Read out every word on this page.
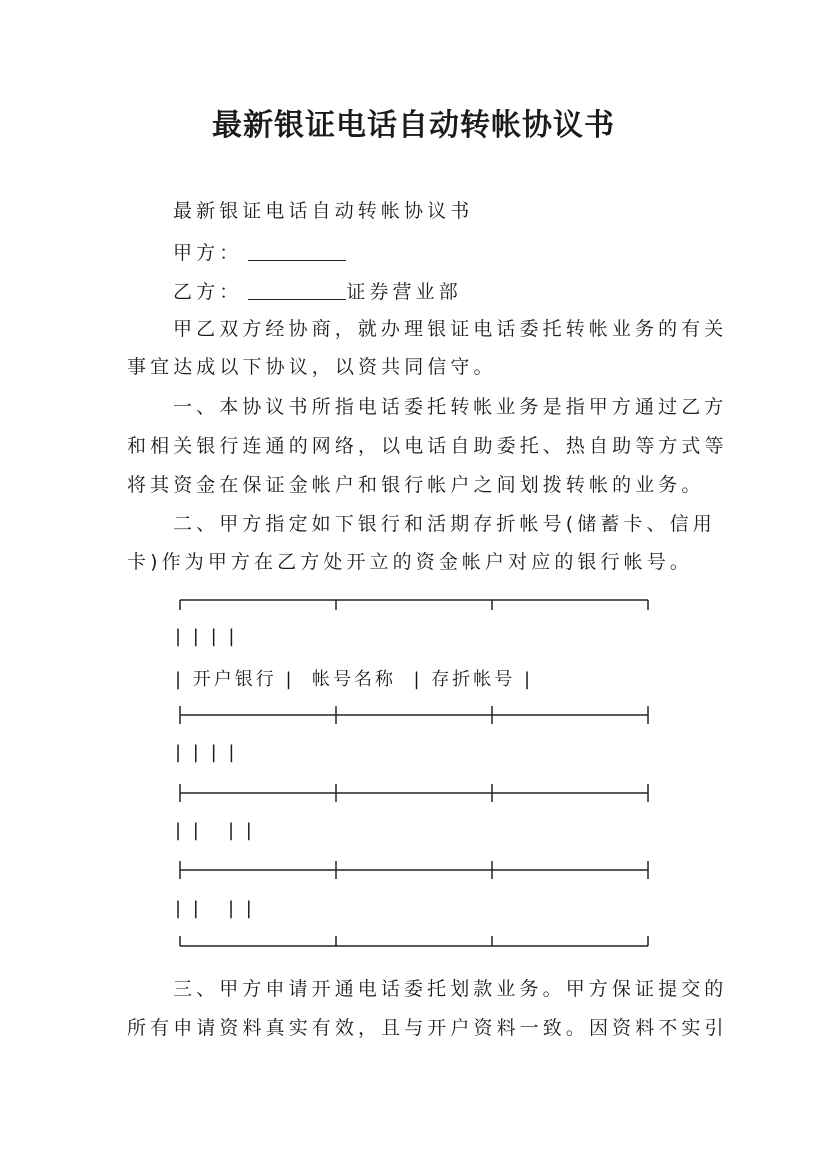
最新银证电话自动转帐协议书
最新银证电话自动转帐协议书
甲方：
乙方：	证券营业部
甲乙双方经协商，就办理银证电话委托转帐业务的有关
事宜达成以下协议，以资共同信守。
一、本协议书所指电话委托转帐业务是指甲方通过乙方
和相关银行连通的网络，以电话自助委托、热自助等方式等
将其资金在保证金帐户和银行帐户之间划拨转帐的业务。
二、甲方指定如下银行和活期存折帐号(储蓄卡、信用
卡)作为甲方在乙方处开立的资金帐户对应的银行帐号。
| | | |
| 开户银行 |  帐号名称  | 存折帐号 |
| | | |
| |   | |
| |   | |
三、甲方申请开通电话委托划款业务。甲方保证提交的
所有申请资料真实有效，且与开户资料一致。因资料不实引
